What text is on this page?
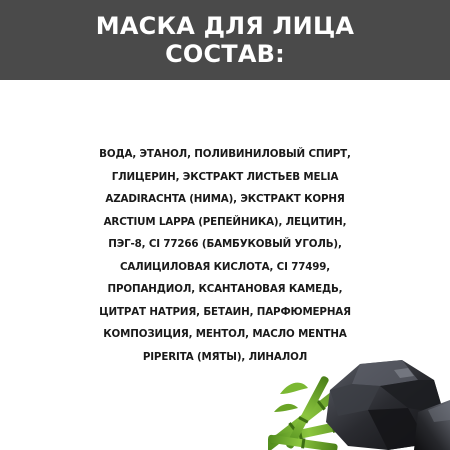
МАСКА ДЛЯ ЛИЦА
СОСТАВ:
ВОДА, ЭТАНОЛ, ПОЛИВИНИЛОВЫЙ СПИРТ,
ГЛИЦЕРИН, ЭКСТРАКТ ЛИСТЬЕВ MELIA
AZADIRACHTA (НИМА), ЭКСТРАКТ КОРНЯ
ARCTIUM LAPPA (РЕПЕЙНИКА), ЛЕЦИТИН,
ПЭГ-8, CI 77266 (БАМБУКОВЫЙ УГОЛЬ),
САЛИЦИЛОВАЯ КИСЛОТА, CI 77499,
ПРОПАНДИОЛ, КСАНТАНОВАЯ КАМЕДЬ,
ЦИТРАТ НАТРИЯ, БЕТАИН, ПАРФЮМЕРНАЯ
КОМПОЗИЦИЯ, МЕНТОЛ, МАСЛО MENTHA
PIPERITA (МЯТЫ), ЛИНАЛОЛ
